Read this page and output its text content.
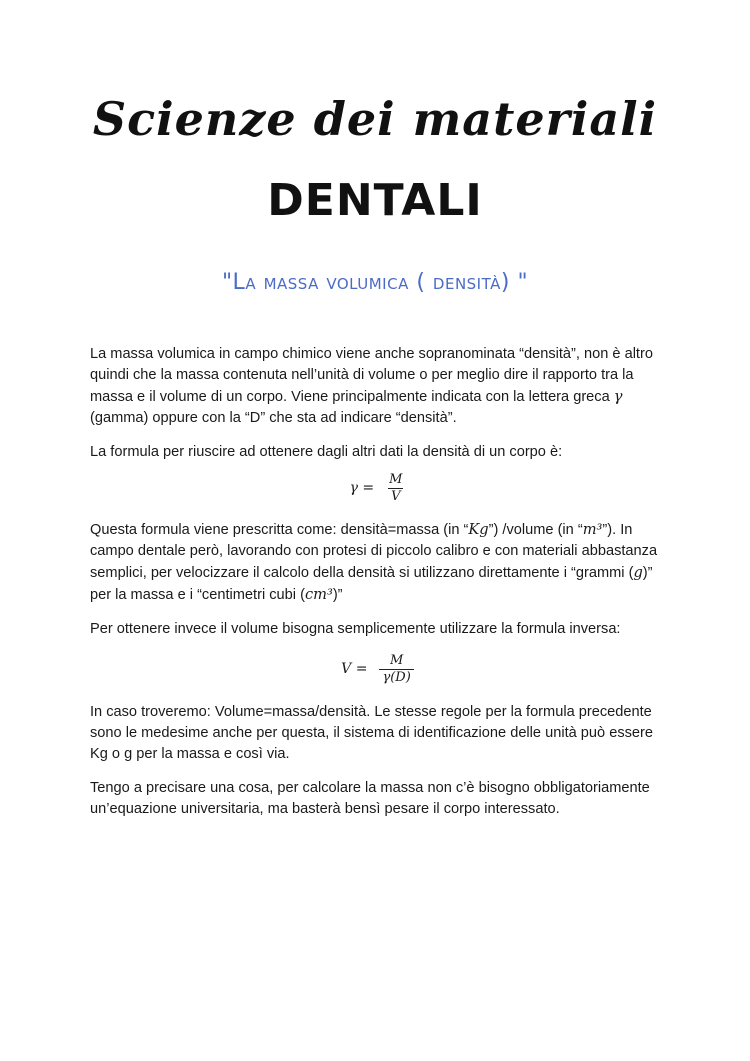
Scienze dei materiali
DENTALI
"La massa volumica ( densità) "

La massa volumica in campo chimico viene anche sopranominata “densità”, non è altro quindi che la massa contenuta nell’unità di volume o per meglio dire il rapporto tra la massa e il volume di un corpo. Viene principalmente indicata con la lettera greca γ (gamma) oppure con la “D” che sta ad indicare “densità”.

La formula per riuscire ad ottenere dagli altri dati la densità di un corpo è:

$\gamma = \frac{M}{V}$

Questa formula viene prescritta come: densità=massa (in “Kg”) /volume (in “m³”). In campo dentale però, lavorando con protesi di piccolo calibro e con materiali abbastanza semplici, per velocizzare il calcolo della densità si utilizzano direttamente i “grammi (g)” per la massa e i “centimetri cubi (cm³)”

Per ottenere invece il volume bisogna semplicemente utilizzare la formula inversa:

$V = \frac{M}{\gamma(D)}$

In caso troveremo: Volume=massa/densità. Le stesse regole per la formula precedente sono le medesime anche per questa, il sistema di identificazione delle unità può essere Kg o g per la massa e così via.

Tengo a precisare una cosa, per calcolare la massa non c’è bisogno obbligatoriamente un’equazione universitaria, ma basterà bensì pesare il corpo interessato.
